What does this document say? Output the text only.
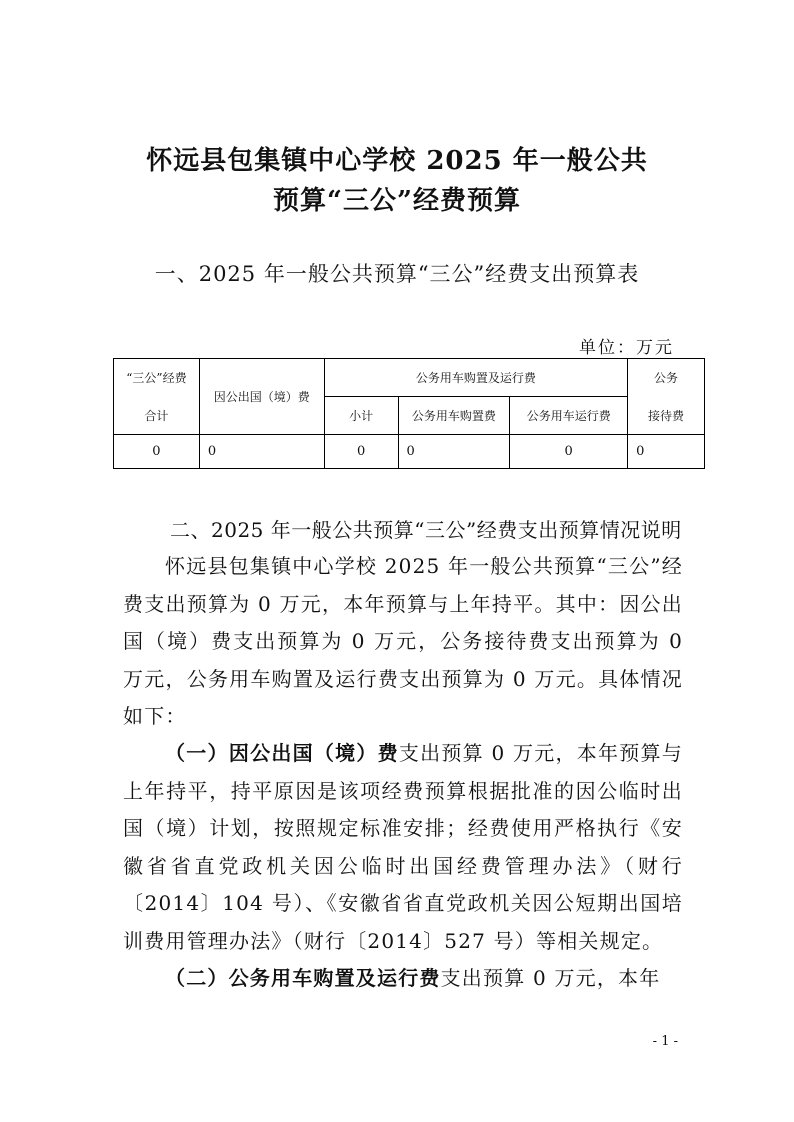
怀远县包集镇中心学校 2025 年一般公共
预算“三公”经费预算
一、2025 年一般公共预算“三公”经费支出预算表
单位：万元
“三公”经费	因公出国（境）费	公务用车购置及运行费			公务
合计		小计	公务用车购置费	公务用车运行费	接待费
0	0	0	0	0	0
二、2025 年一般公共预算“三公”经费支出预算情况说明
怀远县包集镇中心学校 2025 年一般公共预算“三公”经费支出预算为 0 万元，本年预算与上年持平。其中：因公出国（境）费支出预算为 0 万元，公务接待费支出预算为 0 万元，公务用车购置及运行费支出预算为 0 万元。具体情况如下：
（一）因公出国（境）费支出预算 0 万元，本年预算与上年持平，持平原因是该项经费预算根据批准的因公临时出国（境）计划，按照规定标准安排；经费使用严格执行《安徽省省直党政机关因公临时出国经费管理办法》（财行〔2014〕104 号）、《安徽省省直党政机关因公短期出国培训费用管理办法》（财行〔2014〕527 号）等相关规定。
（二）公务用车购置及运行费支出预算 0 万元，本年
- 1 -
